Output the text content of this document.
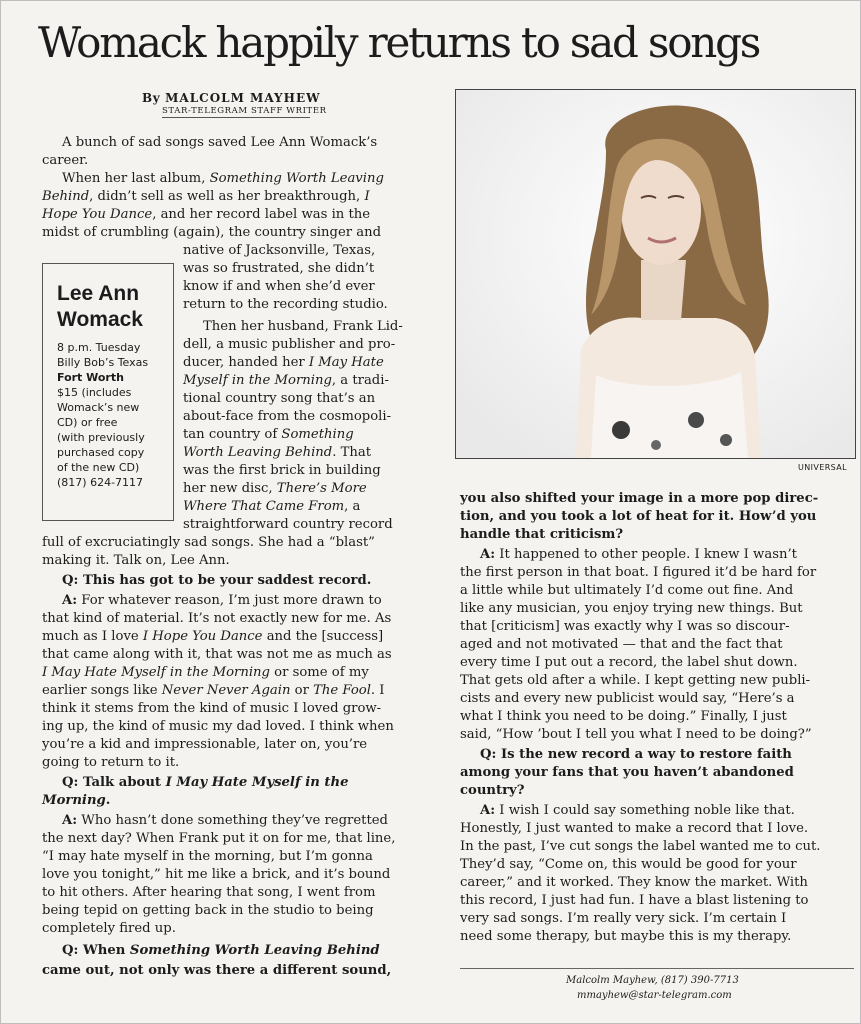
Womack happily returns to sad songs
By MALCOLM MAYHEW
STAR-TELEGRAM STAFF WRITER
A bunch of sad songs saved Lee Ann Womack’s
career.
When her last album, Something Worth Leaving
Behind, didn’t sell as well as her breakthrough, I
Hope You Dance, and her record label was in the
midst of crumbling (again), the country singer and
native of Jacksonville, Texas,
was so frustrated, she didn’t
know if and when she’d ever
return to the recording studio.
Then her husband, Frank Lid-
dell, a music publisher and pro-
ducer, handed her I May Hate
Myself in the Morning, a tradi-
tional country song that’s an
about-face from the cosmopoli-
tan country of Something
Worth Leaving Behind. That
was the first brick in building
her new disc, There’s More
Where That Came From, a
straightforward country record
full of excruciatingly sad songs. She had a “blast”
making it. Talk on, Lee Ann.
Q: This has got to be your saddest record.
A: For whatever reason, I’m just more drawn to
that kind of material. It’s not exactly new for me. As
much as I love I Hope You Dance and the [success]
that came along with it, that was not me as much as
I May Hate Myself in the Morning or some of my
earlier songs like Never Never Again or The Fool. I
think it stems from the kind of music I loved grow-
ing up, the kind of music my dad loved. I think when
you’re a kid and impressionable, later on, you’re
going to return to it.
Q: Talk about I May Hate Myself in the
Morning.
A: Who hasn’t done something they’ve regretted
the next day? When Frank put it on for me, that line,
“I may hate myself in the morning, but I’m gonna
love you tonight,” hit me like a brick, and it’s bound
to hit others. After hearing that song, I went from
being tepid on getting back in the studio to being
completely fired up.
Q: When Something Worth Leaving Behind
came out, not only was there a different sound,
you also shifted your image in a more pop direc-
tion, and you took a lot of heat for it. How’d you
handle that criticism?
A: It happened to other people. I knew I wasn’t
the first person in that boat. I figured it’d be hard for
a little while but ultimately I’d come out fine. And
like any musician, you enjoy trying new things. But
that [criticism] was exactly why I was so discour-
aged and not motivated — that and the fact that
every time I put out a record, the label shut down.
That gets old after a while. I kept getting new publi-
cists and every new publicist would say, “Here’s a
what I think you need to be doing.” Finally, I just
said, “How ’bout I tell you what I need to be doing?”
Q: Is the new record a way to restore faith
among your fans that you haven’t abandoned
country?
A: I wish I could say something noble like that.
Honestly, I just wanted to make a record that I love.
In the past, I’ve cut songs the label wanted me to cut.
They’d say, “Come on, this would be good for your
career,” and it worked. They know the market. With
this record, I just had fun. I have a blast listening to
very sad songs. I’m really very sick. I’m certain I
need some therapy, but maybe this is my therapy.
Lee Ann
Womack
8 p.m. Tuesday
Billy Bob’s Texas
Fort Worth
$15 (includes
Womack’s new
CD) or free
(with previously
purchased copy
of the new CD)
(817) 624-7117
UNIVERSAL
Malcolm Mayhew, (817) 390-7713
mmayhew@star-telegram.com
